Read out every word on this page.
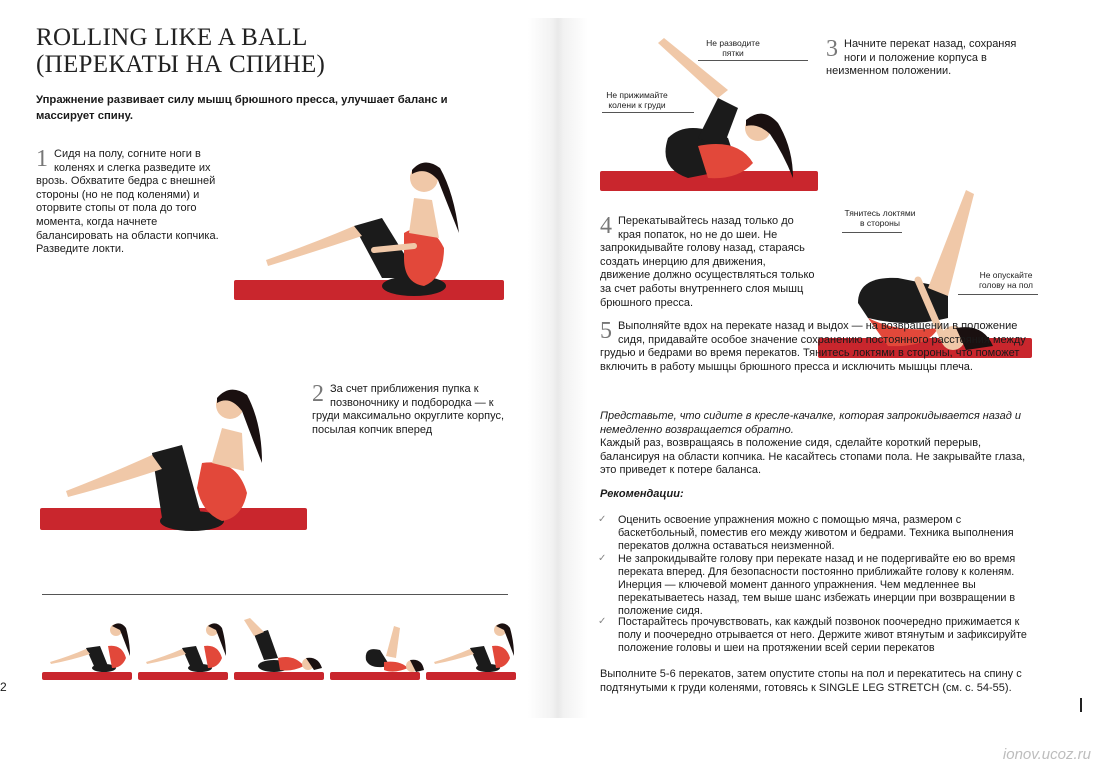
ROLLING LIKE A BALL
(ПЕРЕКАТЫ НА СПИНЕ)
Упражнение развивает силу мышц брюшного пресса, улучшает баланс и массирует спину.
1 Сидя на полу, согните ноги в коленях и слегка разведите их врозь. Обхватите бедра с внешней стороны (но не под коленями) и оторвите стопы от пола до того момента, когда начнете балансировать на области копчика. Разведите локти.
2 За счет приближения пупка к позвоночнику и подбородка — к груди максимально округлите корпус, посылая копчик вперед
2
Не разводите пятки
Не прижимайте колени к груди
3 Начните перекат назад, сохраняя ноги и положение корпуса в неизменном положении.
4 Перекатывайтесь назад только до края попаток, но не до шеи. Не запрокидывайте голову назад, стараясь создать инерцию для движения, движение должно осуществляться только за счет работы внутреннего слоя мышц брюшного пресса.
Тянитесь локтями в стороны
Не опускайте голову на пол
5 Выполняйте вдох на перекате назад и выдох — на возвращении в положение сидя, придавайте особое значение сохранению постоянного расстояния между грудью и бедрами во время перекатов. Тянитесь локтями в стороны, что поможет включить в работу мышцы брюшного пресса и исключить мышцы плеча.
Представьте, что сидите в кресле-качалке, которая запрокидывается назад и немедленно возвращается обратно.
Каждый раз, возвращаясь в положение сидя, сделайте короткий перерыв, балансируя на области копчика. Не касайтесь стопами пола. Не закрывайте глаза, это приведет к потере баланса.
Рекомендации:
✓ Оценить освоение упражнения можно с помощью мяча, размером с баскетбольный, поместив его между животом и бедрами. Техника выполнения перекатов должна оставаться неизменной.
✓ Не запрокидывайте голову при перекате назад и не подергивайте ею во время переката вперед. Для безопасности постоянно приближайте голову к коленям. Инерция — ключевой момент данного упражнения. Чем медленнее вы перекатываетесь назад, тем выше шанс избежать инерции при возвращении в положение сидя.
✓ Постарайтесь прочувствовать, как каждый позвонок поочередно прижимается к полу и поочередно отрывается от него. Держите живот втянутым и зафиксируйте положение головы и шеи на протяжении всей серии перекатов
Выполните 5-6 перекатов, затем опустите стопы на пол и перекатитесь на спину с подтянутыми к груди коленями, готовясь к SINGLE LEG STRETCH (см. с. 54-55).
ionov.ucoz.ru
